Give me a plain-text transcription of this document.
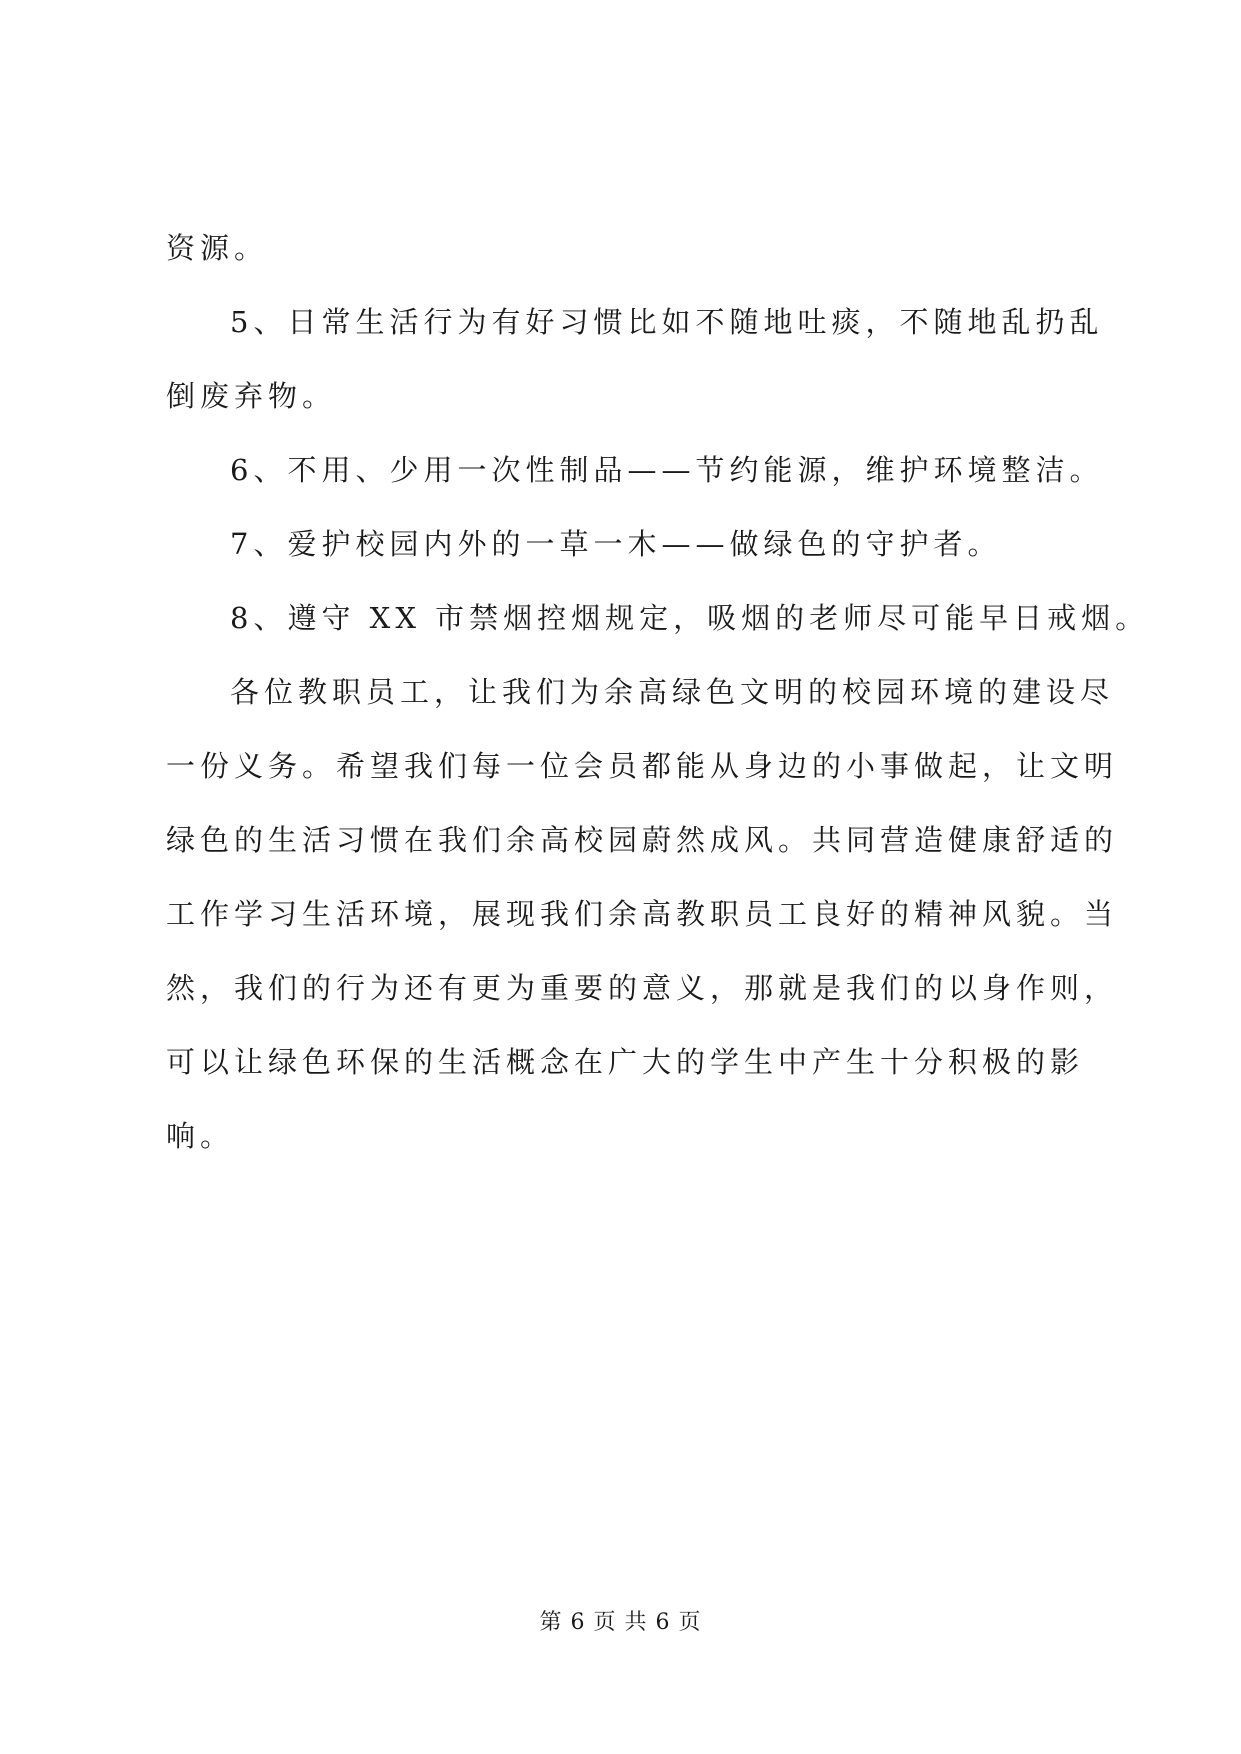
资源。
5、日常生活行为有好习惯比如不随地吐痰，不随地乱扔乱
倒废弃物。
6、不用、少用一次性制品——节约能源，维护环境整洁。
7、爱护校园内外的一草一木——做绿色的守护者。
8、遵守 XX 市禁烟控烟规定，吸烟的老师尽可能早日戒烟。
各位教职员工，让我们为余高绿色文明的校园环境的建设尽
一份义务。希望我们每一位会员都能从身边的小事做起，让文明
绿色的生活习惯在我们余高校园蔚然成风。共同营造健康舒适的
工作学习生活环境，展现我们余高教职员工良好的精神风貌。当
然，我们的行为还有更为重要的意义，那就是我们的以身作则，
可以让绿色环保的生活概念在广大的学生中产生十分积极的影
响。
第 6 页 共 6 页
